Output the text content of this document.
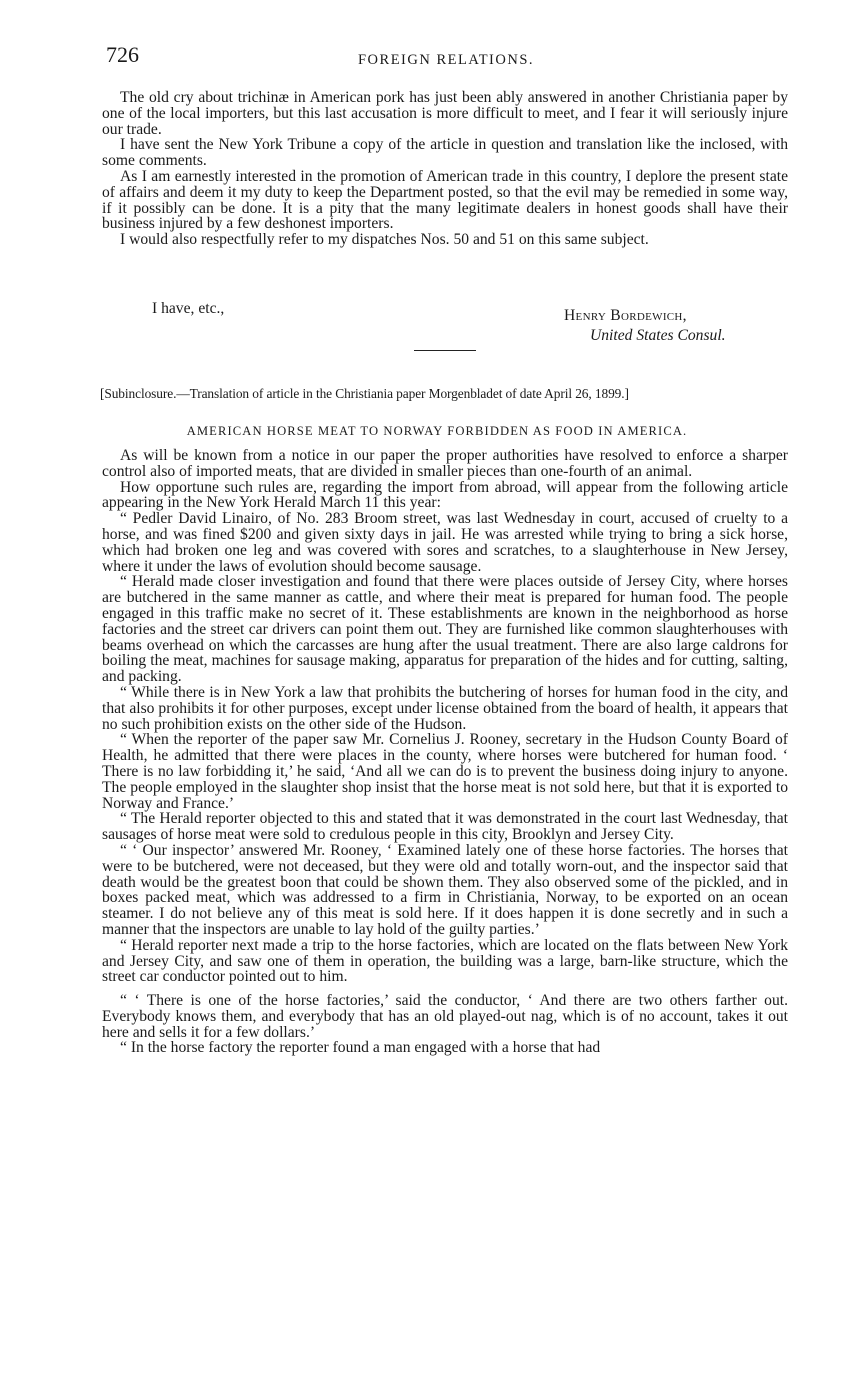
726	FOREIGN RELATIONS.

The old cry about trichinæ in American pork has just been ably answered in another Christiania paper by one of the local importers, but this last accusation is more difficult to meet, and I fear it will seriously injure our trade.

I have sent the New York Tribune a copy of the article in question and translation like the inclosed, with some comments.

As I am earnestly interested in the promotion of American trade in this country, I deplore the present state of affairs and deem it my duty to keep the Department posted, so that the evil may be remedied in some way, if it possibly can be done. It is a pity that the many legitimate dealers in honest goods shall have their business injured by a few deshonest importers.

I would also respectfully refer to my dispatches Nos. 50 and 51 on this same subject.

I have, etc.,	Henry Bordewich,
United States Consul.
[Subinclosure.—Translation of article in the Christiania paper Morgenbladet of date April 26, 1899.]
AMERICAN HORSE MEAT TO NORWAY FORBIDDEN AS FOOD IN AMERICA.

As will be known from a notice in our paper the proper authorities have resolved to enforce a sharper control also of imported meats, that are divided in smaller pieces than one-fourth of an animal.

How opportune such rules are, regarding the import from abroad, will appear from the following article appearing in the New York Herald March 11 this year:

“ Pedler David Linairo, of No. 283 Broom street, was last Wednesday in court, accused of cruelty to a horse, and was fined $200 and given sixty days in jail. He was arrested while trying to bring a sick horse, which had broken one leg and was covered with sores and scratches, to a slaughterhouse in New Jersey, where it under the laws of evolution should become sausage.

“ Herald made closer investigation and found that there were places outside of Jersey City, where horses are butchered in the same manner as cattle, and where their meat is prepared for human food. The people engaged in this traffic make no secret of it. These establishments are known in the neighborhood as horse factories and the street car drivers can point them out. They are furnished like common slaughterhouses with beams overhead on which the carcasses are hung after the usual treatment. There are also large caldrons for boiling the meat, machines for sausage making, apparatus for preparation of the hides and for cutting, salting, and packing.

“ While there is in New York a law that prohibits the butchering of horses for human food in the city, and that also prohibits it for other purposes, except under license obtained from the board of health, it appears that no such prohibition exists on the other side of the Hudson.

“ When the reporter of the paper saw Mr. Cornelius J. Rooney, secretary in the Hudson County Board of Health, he admitted that there were places in the county, where horses were butchered for human food. ‘ There is no law forbidding it,’ he said, ‘And all we can do is to prevent the business doing injury to anyone. The people employed in the slaughter shop insist that the horse meat is not sold here, but that it is exported to Norway and France.’

“ The Herald reporter objected to this and stated that it was demonstrated in the court last Wednesday, that sausages of horse meat were sold to credulous people in this city, Brooklyn and Jersey City.

“ ‘ Our inspector’ answered Mr. Rooney, ‘ Examined lately one of these horse factories. The horses that were to be butchered, were not deceased, but they were old and totally worn-out, and the inspector said that death would be the greatest boon that could be shown them. They also observed some of the pickled, and in boxes packed meat, which was addressed to a firm in Christiania, Norway, to be exported on an ocean steamer. I do not believe any of this meat is sold here. If it does happen it is done secretly and in such a manner that the inspectors are unable to lay hold of the guilty parties.’

“ Herald reporter next made a trip to the horse factories, which are located on the flats between New York and Jersey City, and saw one of them in operation, the building was a large, barn-like structure, which the street car conductor pointed out to him.

“ ‘ There is one of the horse factories,’ said the conductor, ‘ And there are two others farther out. Everybody knows them, and everybody that has an old played-out nag, which is of no account, takes it out here and sells it for a few dollars.’

“ In the horse factory the reporter found a man engaged with a horse that had
